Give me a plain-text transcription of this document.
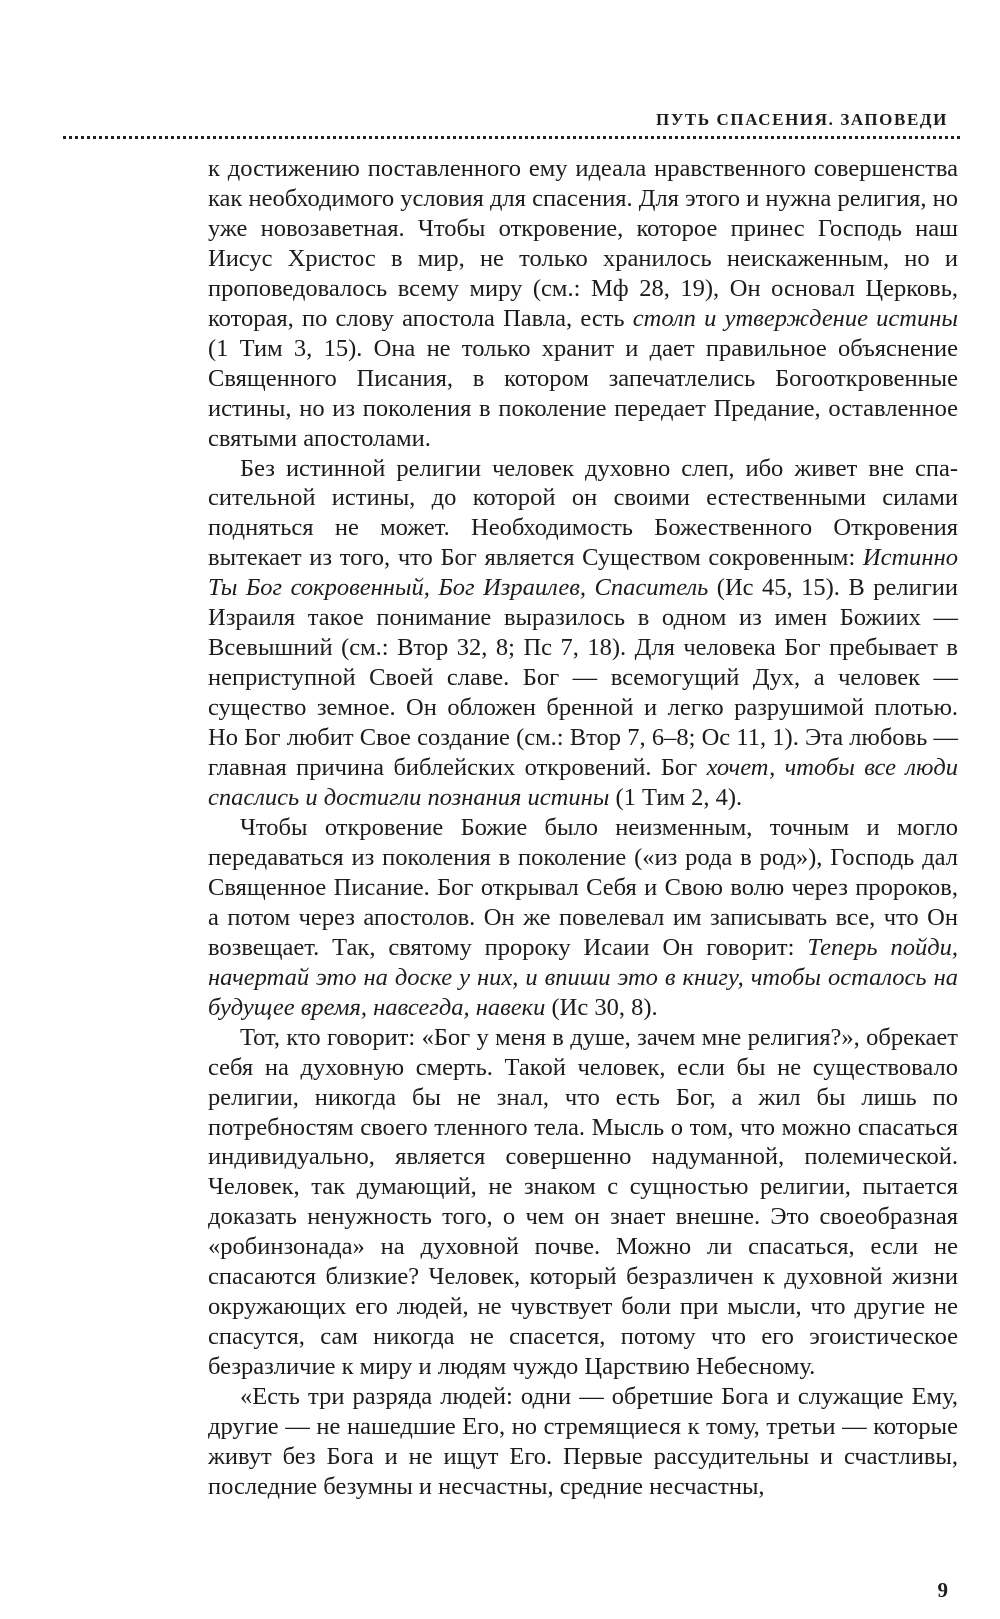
ПУТЬ СПАСЕНИЯ. ЗАПОВЕДИ

к достижению поставленного ему идеала нравственного совершенства как необходимого условия для спасения. Для этого и нужна религия, но уже новозаветная. Чтобы откровение, которое принес Господь наш Иисус Христос в мир, не только хранилось неискаженным, но и проповедовалось всему миру (см.: Мф 28, 19), Он основал Церковь, которая, по слову апостола Павла, есть столп и утверждение истины (1 Тим 3, 15). Она не только хранит и дает правильное объяснение Священного Писания, в котором запечатлелись Богооткровенные истины, но из поколения в поколение передает Предание, оставленное святыми апостолами.

Без истинной религии человек духовно слеп, ибо живет вне спасительной истины, до которой он своими естественными силами подняться не может. Необходимость Божественного Откровения вытекает из того, что Бог является Существом сокровенным: Истинно Ты Бог сокровенный, Бог Израилев, Спаситель (Ис 45, 15). В религии Израиля такое понимание выразилось в одном из имен Божиих — Всевышний (см.: Втор 32, 8; Пс 7, 18). Для человека Бог пребывает в неприступной Своей славе. Бог — всемогущий Дух, а человек — существо земное. Он обложен бренной и легко разрушимой плотью. Но Бог любит Свое создание (см.: Втор 7, 6–8; Ос 11, 1). Эта любовь — главная причина библейских откровений. Бог хочет, чтобы все люди спаслись и достигли познания истины (1 Тим 2, 4).

Чтобы откровение Божие было неизменным, точным и могло передаваться из поколения в поколение («из рода в род»), Господь дал Священное Писание. Бог открывал Себя и Свою волю через пророков, а потом через апостолов. Он же повелевал им записывать все, что Он возвещает. Так, святому пророку Исаии Он говорит: Теперь пойди, начертай это на доске у них, и впиши это в книгу, чтобы осталось на будущее время, навсегда, навеки (Ис 30, 8).

Тот, кто говорит: «Бог у меня в душе, зачем мне религия?», обрекает себя на духовную смерть. Такой человек, если бы не существовало религии, никогда бы не знал, что есть Бог, а жил бы лишь по потребностям своего тленного тела. Мысль о том, что можно спасаться индивидуально, является совершенно надуманной, полемической. Человек, так думающий, не знаком с сущностью религии, пытается доказать ненужность того, о чем он знает внешне. Это своеобразная «робинзонада» на духовной почве. Можно ли спасаться, если не спасаются близкие? Человек, который безразличен к духовной жизни окружающих его людей, не чувствует боли при мысли, что другие не спасутся, сам никогда не спасется, потому что его эгоистическое безразличие к миру и людям чуждо Царствию Небесному.

«Есть три разряда людей: одни — обретшие Бога и служащие Ему, другие — не нашедшие Его, но стремящиеся к тому, третьи — которые живут без Бога и не ищут Его. Первые рассудительны и счастливы, последние безумны и несчастны, средние несчастны,

9
